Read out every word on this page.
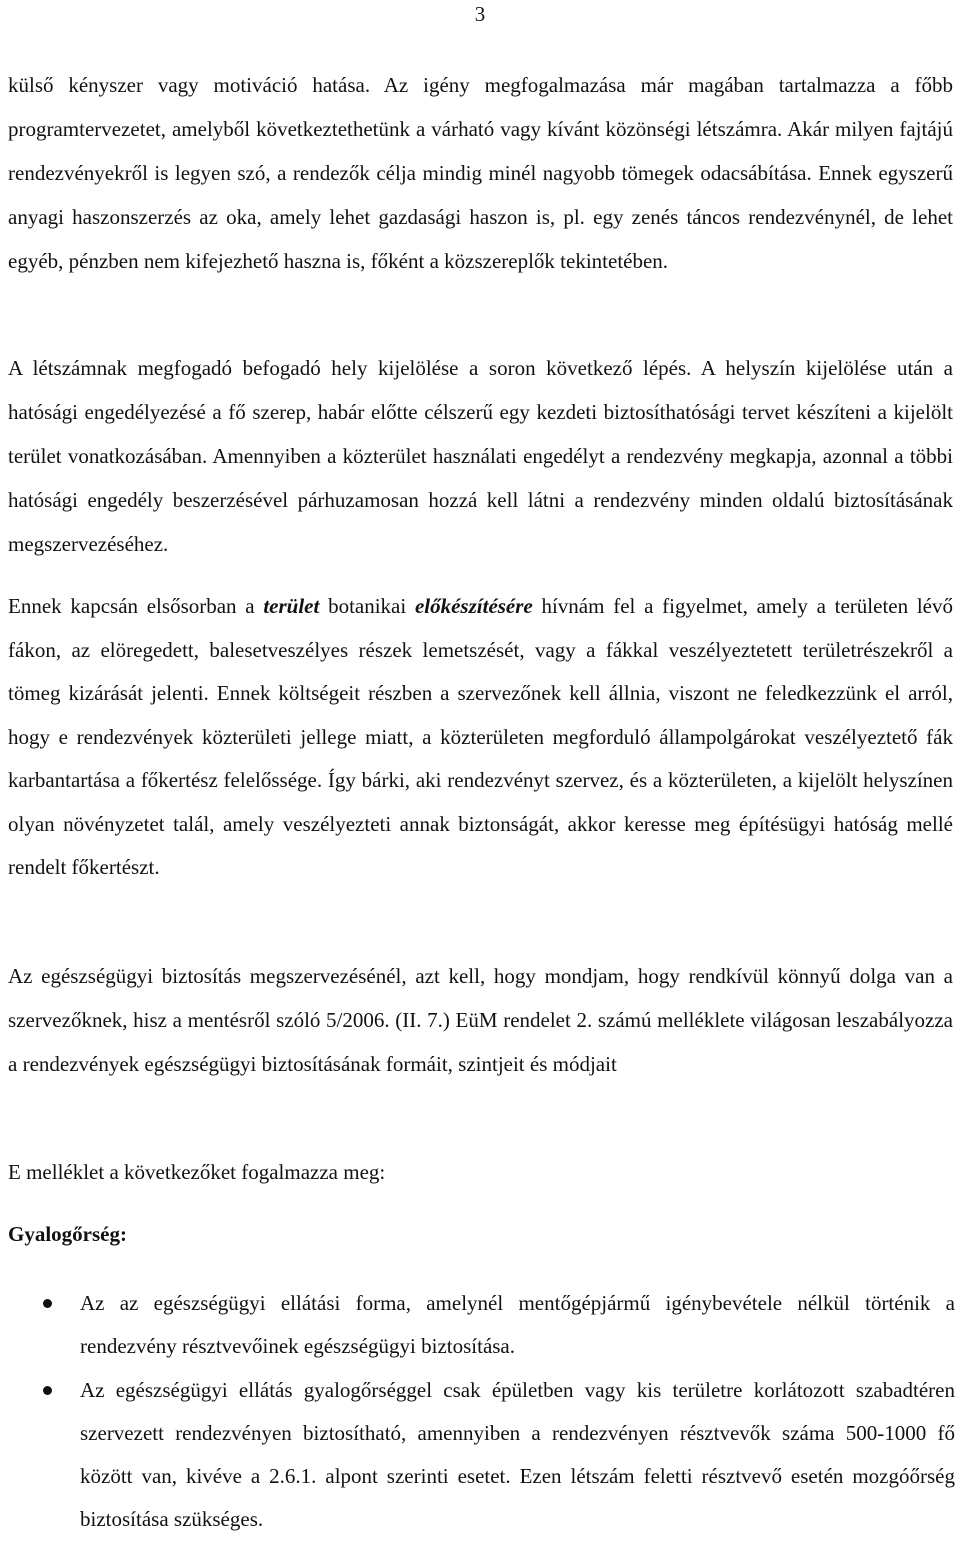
3

külső kényszer vagy motiváció hatása. Az igény megfogalmazása már magában tartalmazza a főbb programtervezetet, amelyből következtethetünk a várható vagy kívánt közönségi létszámra. Akár milyen fajtájú rendezvényekről is legyen szó, a rendezők célja mindig minél nagyobb tömegek odacsábítása. Ennek egyszerű anyagi haszonszerzés az oka, amely lehet gazdasági haszon is, pl. egy zenés táncos rendezvénynél, de lehet egyéb, pénzben nem kifejezhető haszna is, főként a közszereplők tekintetében.

A létszámnak megfogadó befogadó hely kijelölése a soron következő lépés. A helyszín kijelölése után a hatósági engedélyezésé a fő szerep, habár előtte célszerű egy kezdeti biztosíthatósági tervet készíteni a kijelölt terület vonatkozásában. Amennyiben a közterület használati engedélyt a rendezvény megkapja, azonnal a többi hatósági engedély beszerzésével párhuzamosan hozzá kell látni a rendezvény minden oldalú biztosításának megszervezéséhez.

Ennek kapcsán elsősorban a terület botanikai előkészítésére hívnám fel a figyelmet, amely a területen lévő fákon, az elöregedett, balesetveszélyes részek lemetszését, vagy a fákkal veszélyeztetett területrészekről a tömeg kizárását jelenti. Ennek költségeit részben a szervezőnek kell állnia, viszont ne feledkezzünk el arról, hogy e rendezvények közterületi jellege miatt, a közterületen megforduló állampolgárokat veszélyeztető fák karbantartása a főkertész felelőssége. Így bárki, aki rendezvényt szervez, és a közterületen, a kijelölt helyszínen olyan növényzetet talál, amely veszélyezteti annak biztonságát, akkor keresse meg építésügyi hatóság mellé rendelt főkertészt.

Az egészségügyi biztosítás megszervezésénél, azt kell, hogy mondjam, hogy rendkívül könnyű dolga van a szervezőknek, hisz a mentésről szóló 5/2006. (II. 7.) EüM rendelet 2. számú melléklete világosan leszabályozza a rendezvények egészségügyi biztosításának formáit, szintjeit és módjait

E melléklet a következőket fogalmazza meg:

Gyalogőrség:

Az az egészségügyi ellátási forma, amelynél mentőgépjármű igénybevétele nélkül történik a rendezvény résztvevőinek egészségügyi biztosítása.
Az egészségügyi ellátás gyalogőrséggel csak épületben vagy kis területre korlátozott szabadtéren szervezett rendezvényen biztosítható, amennyiben a rendezvényen résztvevők száma 500-1000 fő között van, kivéve a 2.6.1. alpont szerinti esetet. Ezen létszám feletti résztvevő esetén mozgóőrség biztosítása szükséges.
